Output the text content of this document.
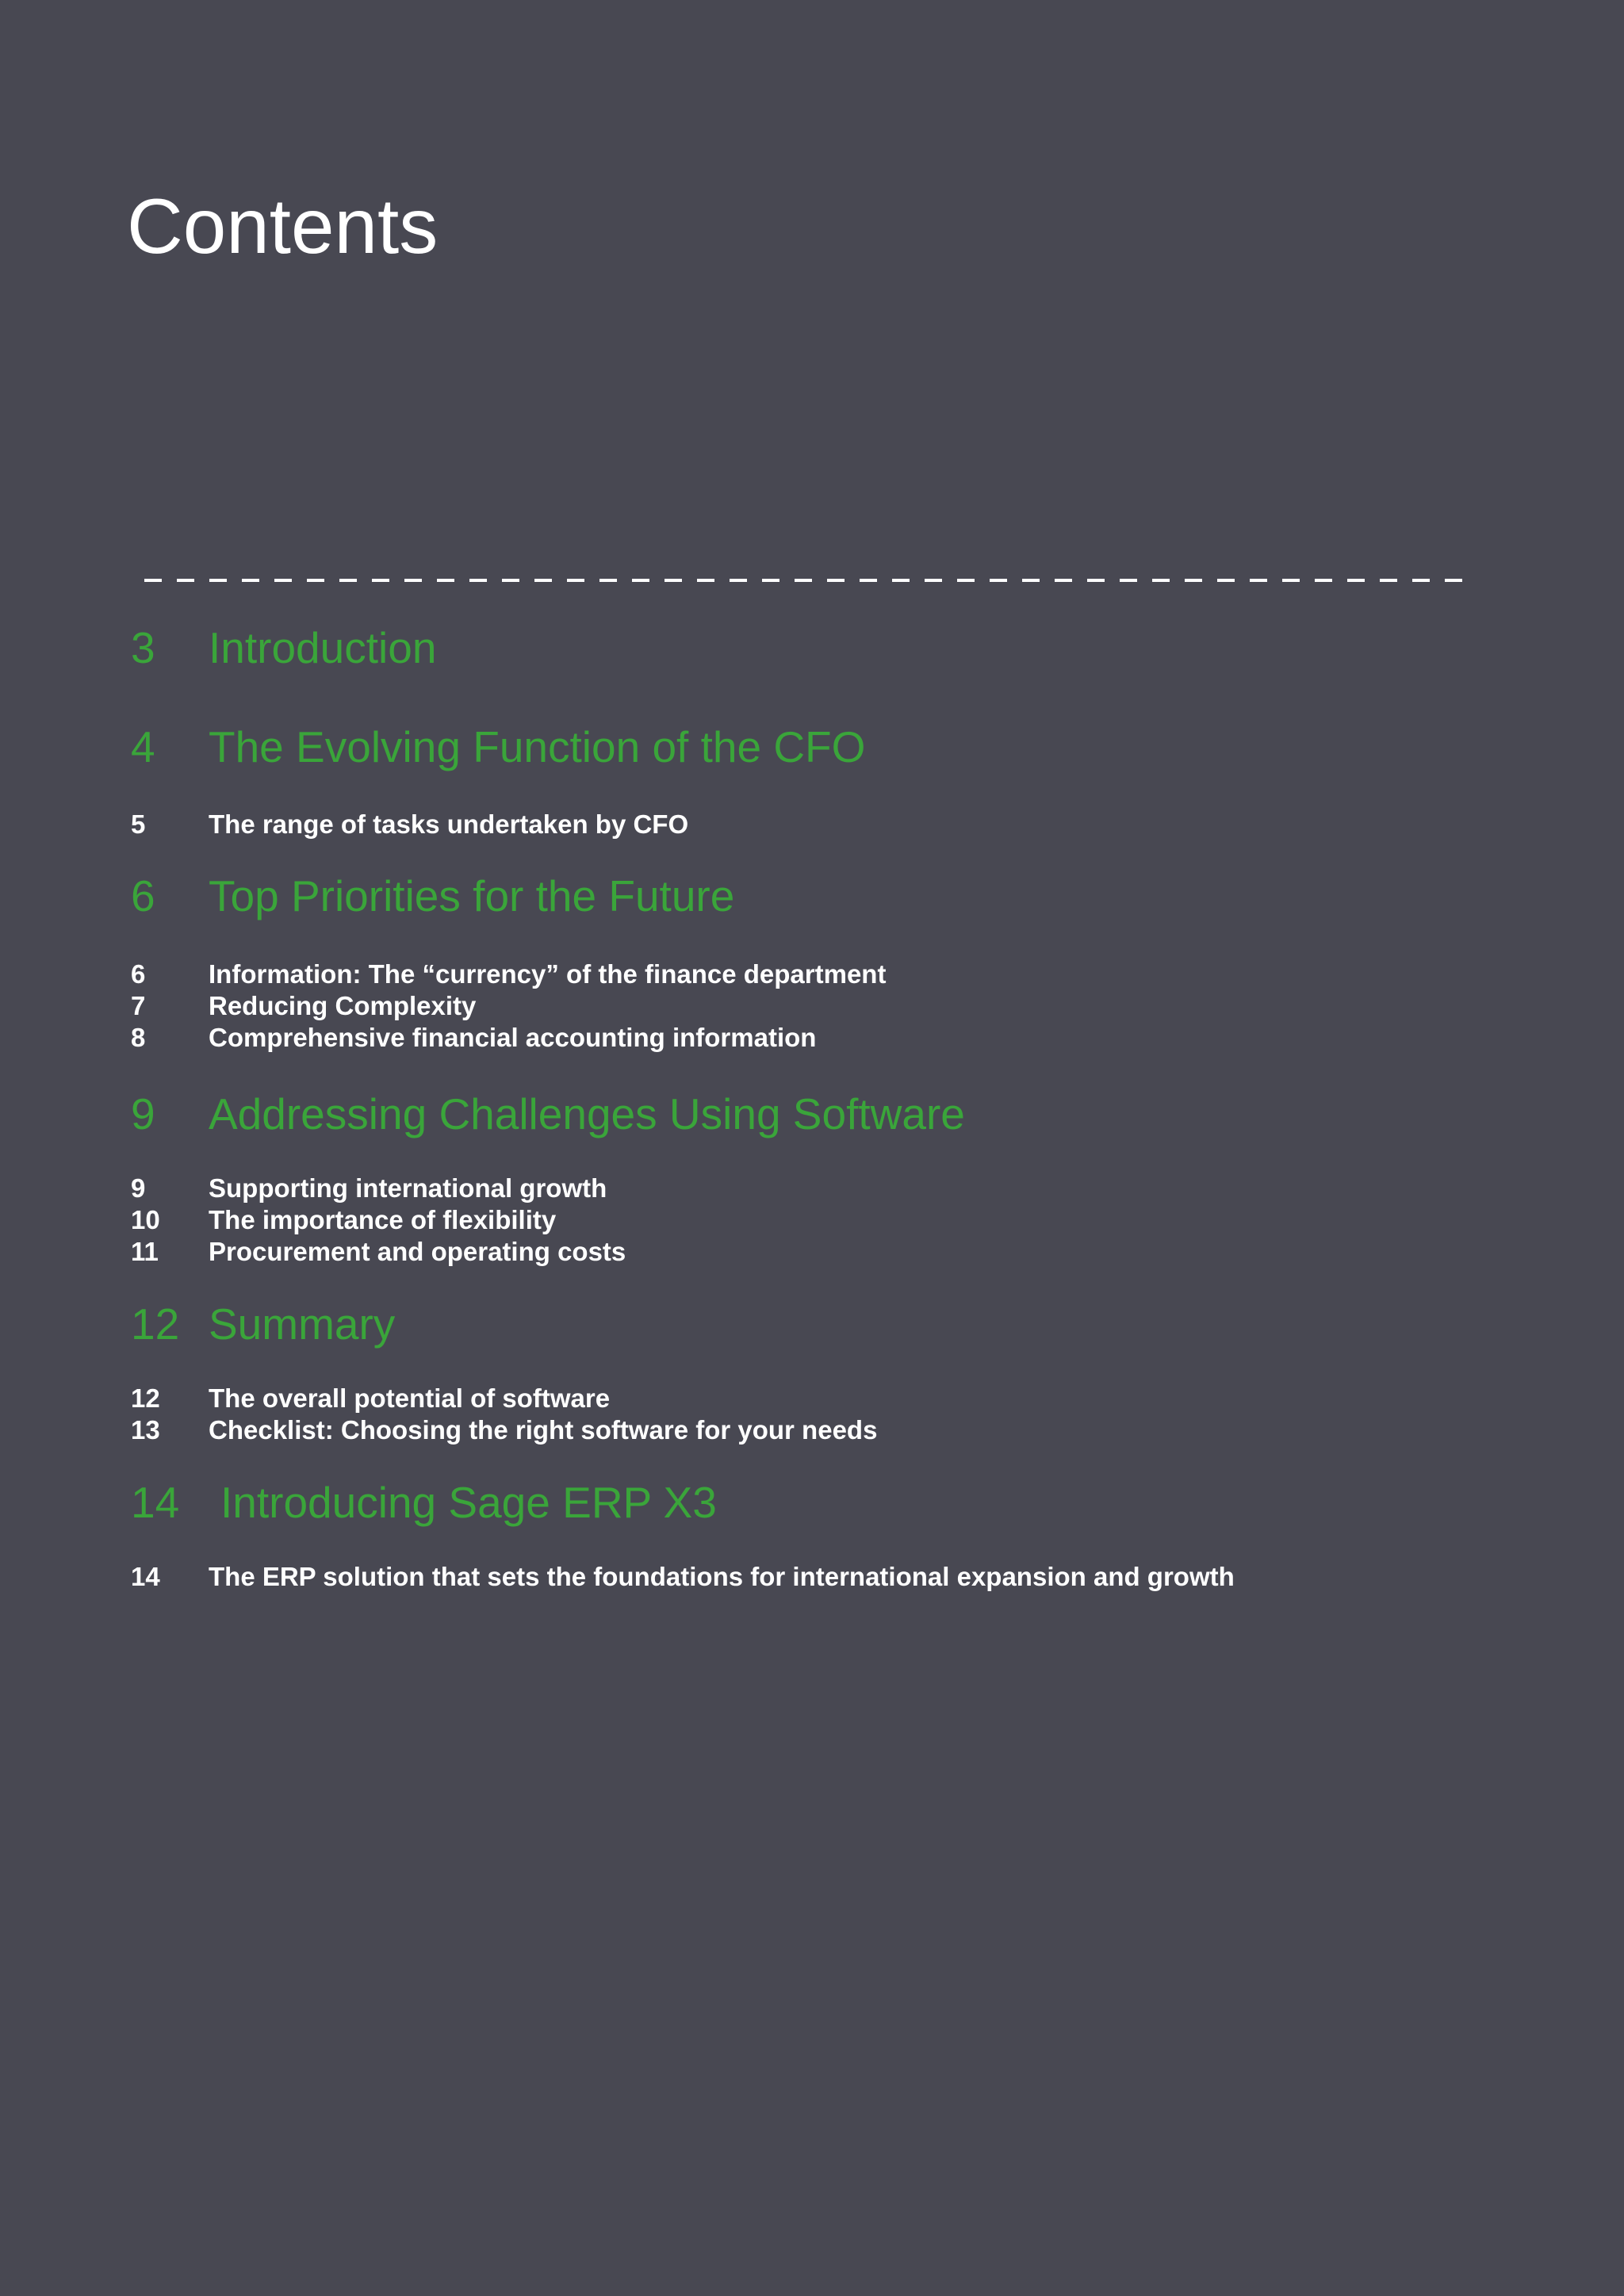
Contents
3 Introduction
4 The Evolving Function of the CFO
5 The range of tasks undertaken by CFO
6 Top Priorities for the Future
6 Information: The “currency” of the finance department
7 Reducing Complexity
8 Comprehensive financial accounting information
9 Addressing Challenges Using Software
9 Supporting international growth
10 The importance of flexibility
11 Procurement and operating costs
12 Summary
12 The overall potential of software
13 Checklist: Choosing the right software for your needs
14 Introducing Sage ERP X3
14 The ERP solution that sets the foundations for international expansion and growth
